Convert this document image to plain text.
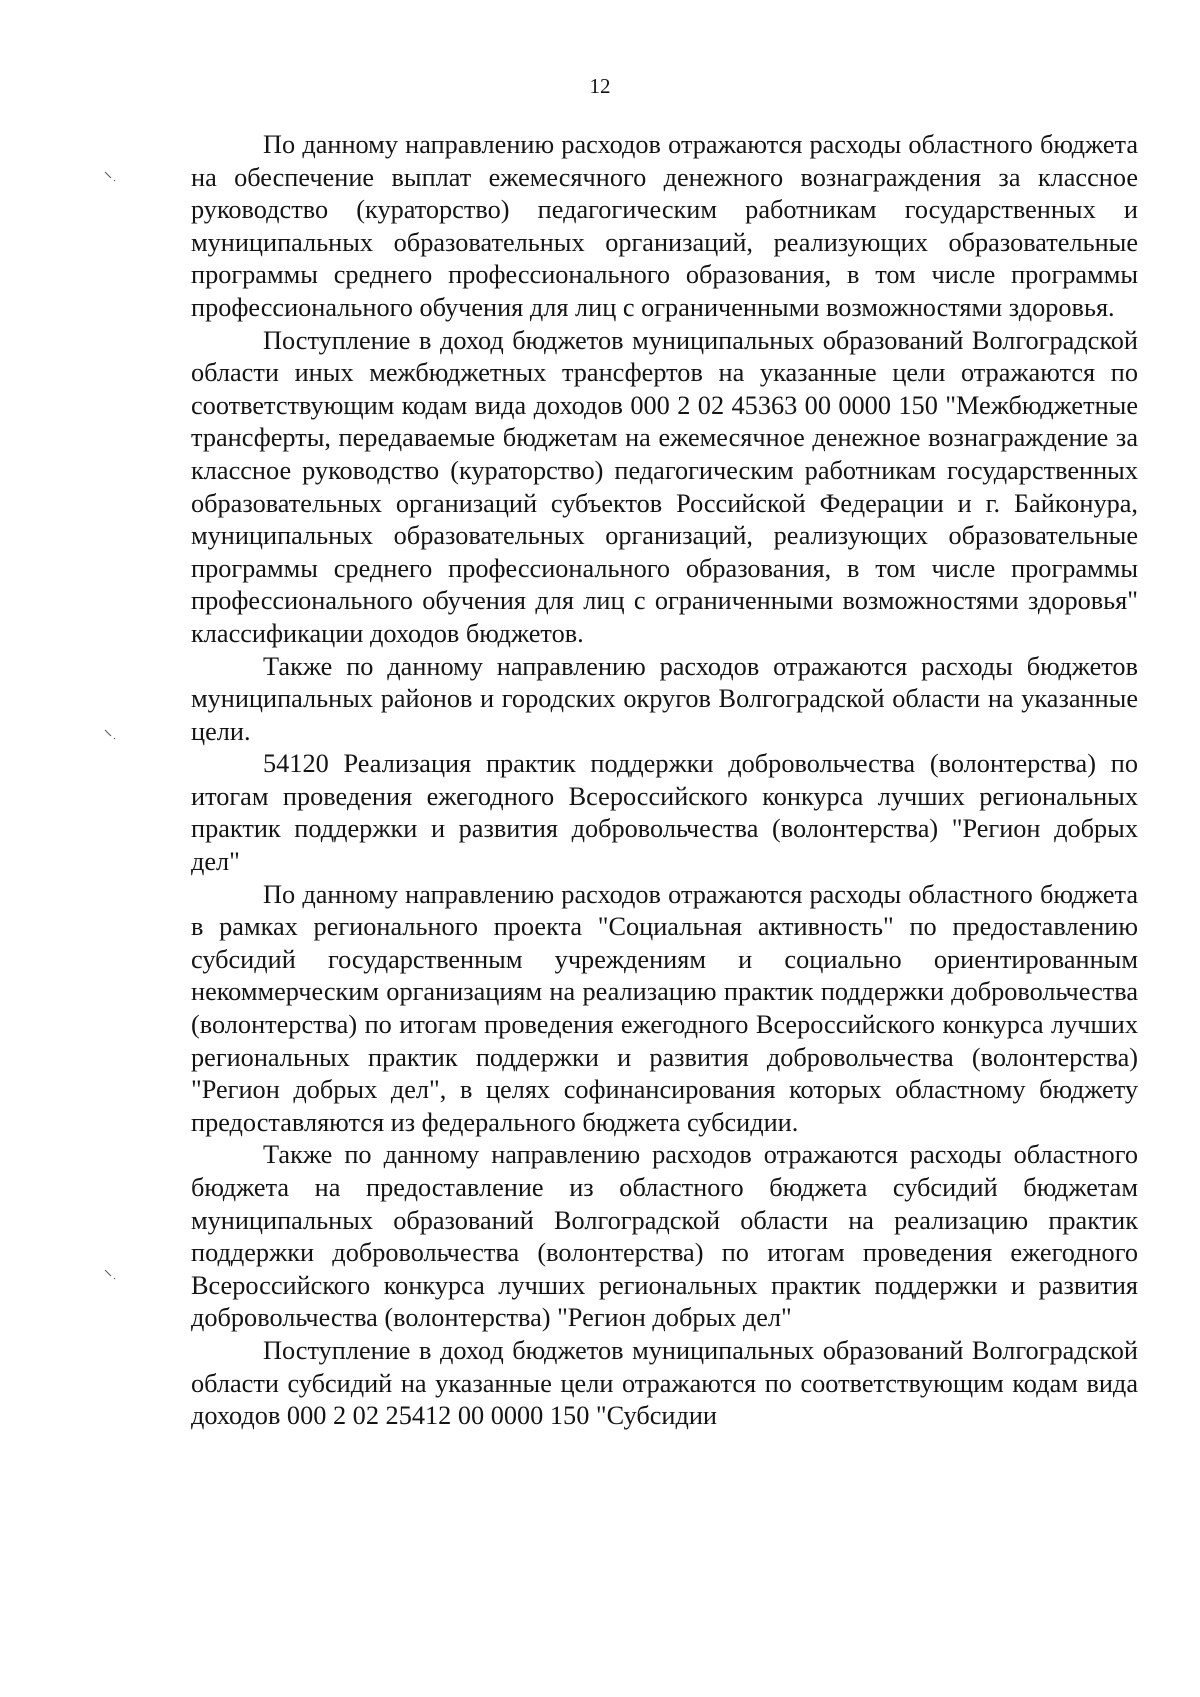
12

По данному направлению расходов отражаются расходы областного бюджета на обеспечение выплат ежемесячного денежного вознаграждения за классное руководство (кураторство) педагогическим работникам государственных и муниципальных образовательных организаций, реализующих образовательные программы среднего профессионального образования, в том числе программы профессионального обучения для лиц с ограниченными возможностями здоровья.

Поступление в доход бюджетов муниципальных образований Волгоградской области иных межбюджетных трансфертов на указанные цели отражаются по соответствующим кодам вида доходов 000 2 02 45363 00 0000 150 "Межбюджетные трансферты, передаваемые бюджетам на ежемесячное денежное вознаграждение за классное руководство (кураторство) педагогическим работникам государственных образовательных организаций субъектов Российской Федерации и г. Байконура, муниципальных образовательных организаций, реализующих образовательные программы среднего профессионального образования, в том числе программы профессионального обучения для лиц с ограниченными возможностями здоровья" классификации доходов бюджетов.

Также по данному направлению расходов отражаются расходы бюджетов муниципальных районов и городских округов Волгоградской области на указанные цели.

54120 Реализация практик поддержки добровольчества (волонтерства) по итогам проведения ежегодного Всероссийского конкурса лучших региональных практик поддержки и развития добровольчества (волонтерства) "Регион добрых дел"

По данному направлению расходов отражаются расходы областного бюджета в рамках регионального проекта "Социальная активность" по предоставлению субсидий государственным учреждениям и социально ориентированным некоммерческим организациям на реализацию практик поддержки добровольчества (волонтерства) по итогам проведения ежегодного Всероссийского конкурса лучших региональных практик поддержки и развития добровольчества (волонтерства) "Регион добрых дел", в целях софинансирования которых областному бюджету предоставляются из федерального бюджета субсидии.

Также по данному направлению расходов отражаются расходы областного бюджета на предоставление из областного бюджета субсидий бюджетам муниципальных образований Волгоградской области на реализацию практик поддержки добровольчества (волонтерства) по итогам проведения ежегодного Всероссийского конкурса лучших региональных практик поддержки и развития добровольчества (волонтерства) "Регион добрых дел"

Поступление в доход бюджетов муниципальных образований Волгоградской области субсидий на указанные цели отражаются по соответствующим кодам вида доходов 000 2 02 25412 00 0000 150 "Субсидии
